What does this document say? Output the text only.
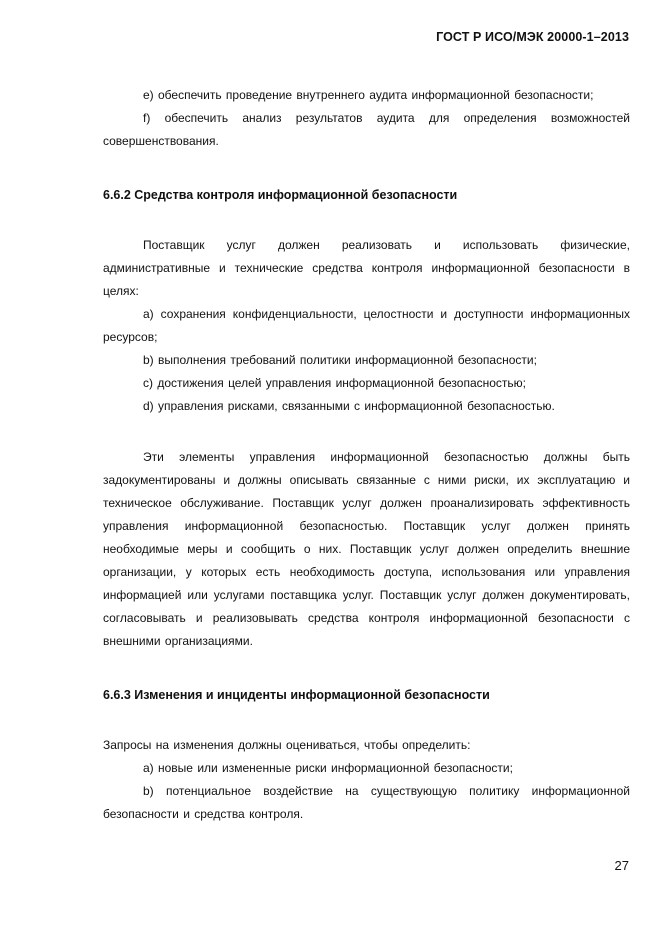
ГОСТ Р ИСО/МЭК 20000-1–2013

е) обеспечить проведение внутреннего аудита информационной безопасности;

f) обеспечить анализ результатов аудита для определения возможностей совершенствования.

6.6.2 Средства контроля информационной безопасности

Поставщик услуг должен реализовать и использовать физические, административные и технические средства контроля информационной безопасности в целях:

а) сохранения конфиденциальности, целостности и доступности информационных ресурсов;

b) выполнения требований политики информационной безопасности;

с) достижения целей управления информационной безопасностью;

d) управления рисками, связанными с информационной безопасностью.

Эти элементы управления информационной безопасностью должны быть задокументированы и должны описывать связанные с ними риски, их эксплуатацию и техническое обслуживание. Поставщик услуг должен проанализировать эффективность управления информационной безопасностью. Поставщик услуг должен принять необходимые меры и сообщить о них. Поставщик услуг должен определить внешние организации, у которых есть необходимость доступа, использования или управления информацией или услугами поставщика услуг. Поставщик услуг должен документировать, согласовывать и реализовывать средства контроля информационной безопасности с внешними организациями.

6.6.3 Изменения и инциденты информационной безопасности

Запросы на изменения должны оцениваться, чтобы определить:

а) новые или измененные риски информационной безопасности;

b) потенциальное воздействие на существующую политику информационной безопасности и средства контроля.

27
